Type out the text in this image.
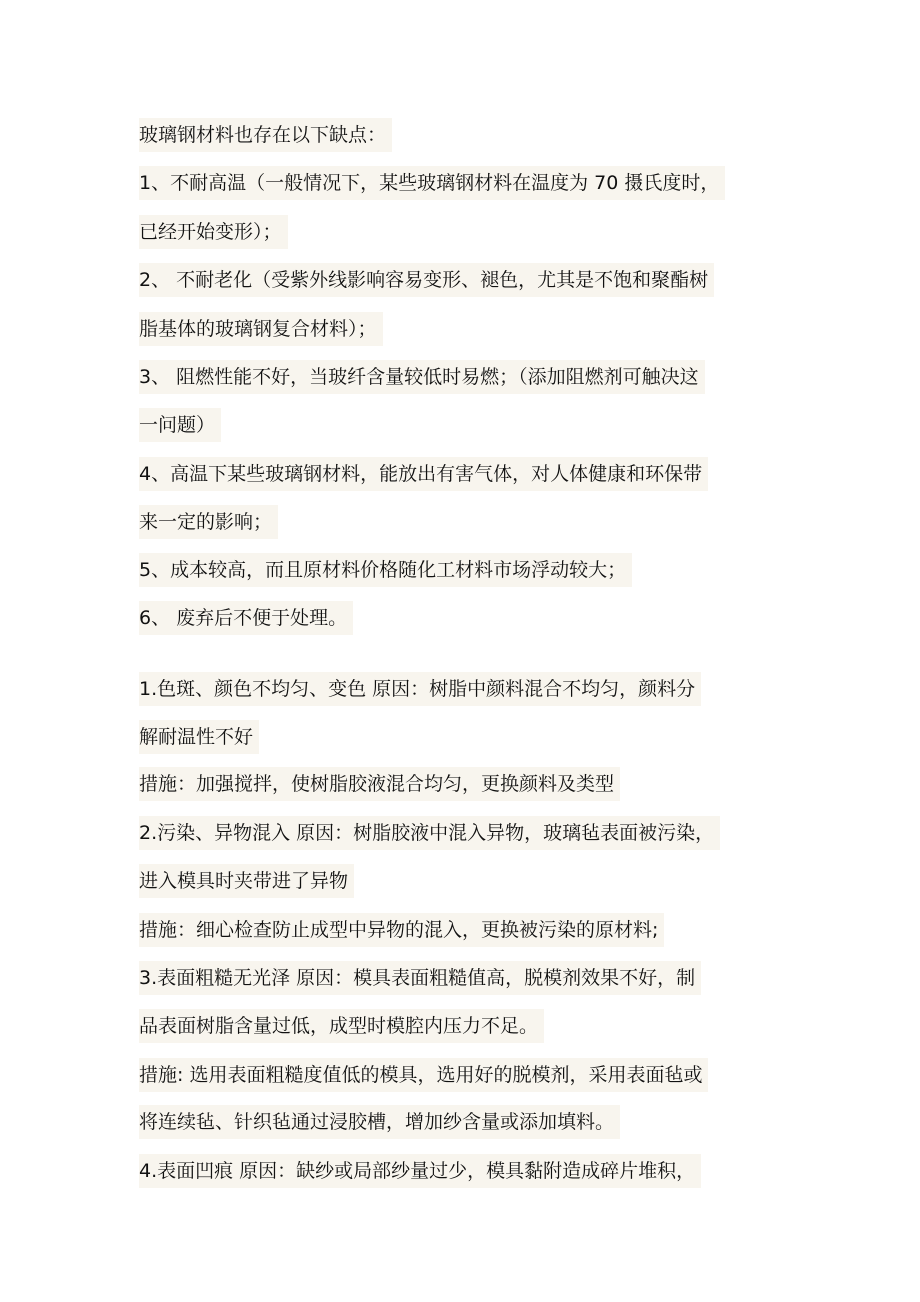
玻璃钢材料也存在以下缺点：
1、不耐高温（一般情况下，某些玻璃钢材料在温度为 70 摄氏度时，
已经开始变形）；
2、 不耐老化（受紫外线影响容易变形、褪色，尤其是不饱和聚酯树
脂基体的玻璃钢复合材料）；
3、 阻燃性能不好，当玻纤含量较低时易燃；（添加阻燃剂可触决这
一问题）
4、高温下某些玻璃钢材料，能放出有害气体，对人体健康和环保带
来一定的影响；
5、成本较高，而且原材料价格随化工材料市场浮动较大；
6、 废弃后不便于处理。
1.色斑、颜色不均匀、变色 原因：树脂中颜料混合不均匀，颜料分
解耐温性不好
措施：加强搅拌，使树脂胶液混合均匀，更换颜料及类型
2.污染、异物混入 原因：树脂胶液中混入异物，玻璃毡表面被污染，
进入模具时夹带进了异物
措施：细心检查防止成型中异物的混入，更换被污染的原材料;
3.表面粗糙无光泽 原因：模具表面粗糙值高，脱模剂效果不好，制
品表面树脂含量过低，成型时模腔内压力不足。
措施: 选用表面粗糙度值低的模具，选用好的脱模剂，采用表面毡或
将连续毡、针织毡通过浸胶槽，增加纱含量或添加填料。
4.表面凹痕 原因：缺纱或局部纱量过少，模具黏附造成碎片堆积，
